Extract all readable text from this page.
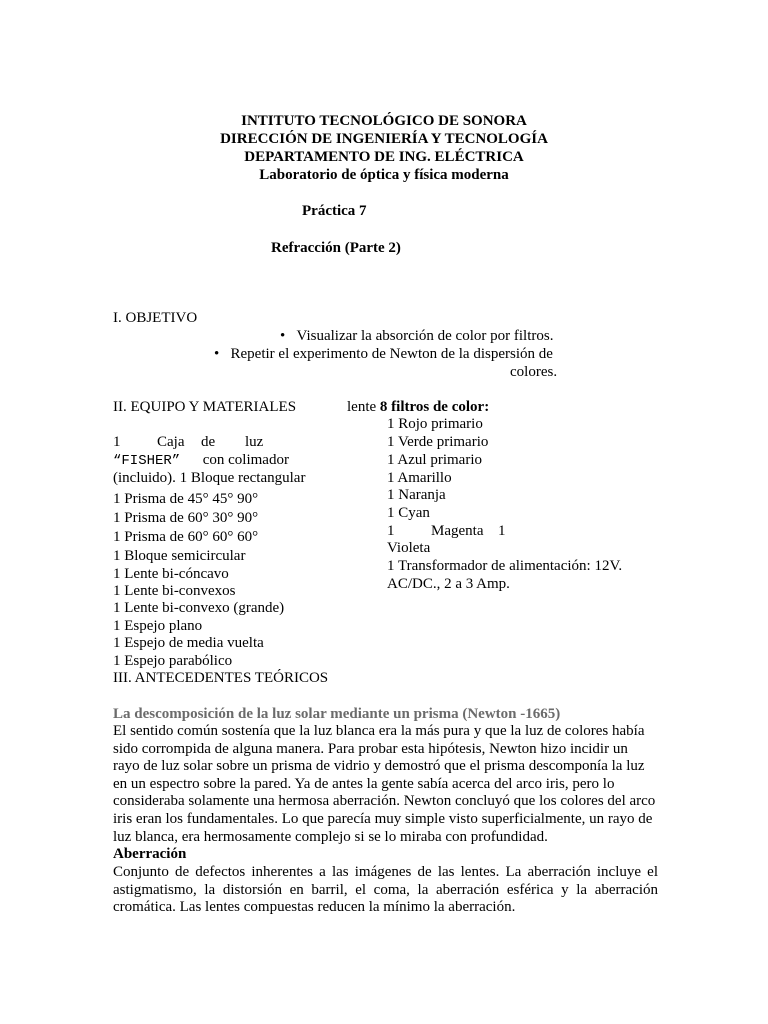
INTITUTO TECNOLÓGICO DE SONORA
DIRECCIÓN DE INGENIERÍA Y TECNOLOGÍA
DEPARTAMENTO DE ING. ELÉCTRICA
Laboratorio de óptica y física moderna
Práctica 7
Refracción (Parte 2)
I. OBJETIVO
•   Visualizar la absorción de color por filtros.
•   Repetir el experimento de Newton de la dispersión de
colores.
II. EQUIPO Y MATERIALES
1 Caja de luz
“FISHER” con colimador
(incluido). 1 Bloque rectangular
1 Prisma de 45° 45° 90°
1 Prisma de 60° 30° 90°
1 Prisma de 60° 60° 60°
1 Bloque semicircular
1 Lente bi-cóncavo
1 Lente bi-convexos
1 Lente bi-convexo (grande)
1 Espejo plano
1 Espejo de media vuelta
1 Espejo parabólico
lente 8 filtros de color:
1 Rojo primario
1 Verde primario
1 Azul primario
1 Amarillo
1 Naranja
1 Cyan
1 Magenta 1
Violeta
1 Transformador de alimentación: 12V.
AC/DC., 2 a 3 Amp.
III. ANTECEDENTES TEÓRICOS
La descomposición de la luz solar mediante un prisma (Newton -1665)
El sentido común sostenía que la luz blanca era la más pura y que la luz de colores había sido corrompida de alguna manera. Para probar esta hipótesis, Newton hizo incidir un rayo de luz solar sobre un prisma de vidrio y demostró que el prisma descomponía la luz en un espectro sobre la pared. Ya de antes la gente sabía acerca del arco iris, pero lo consideraba solamente una hermosa aberración. Newton concluyó que los colores del arco iris eran los fundamentales. Lo que parecía muy simple visto superficialmente, un rayo de luz blanca, era hermosamente complejo si se lo miraba con profundidad.
Aberración
Conjunto de defectos inherentes a las imágenes de las lentes. La aberración incluye el astigmatismo, la distorsión en barril, el coma, la aberración esférica y la aberración cromática. Las lentes compuestas reducen la mínimo la aberración.
